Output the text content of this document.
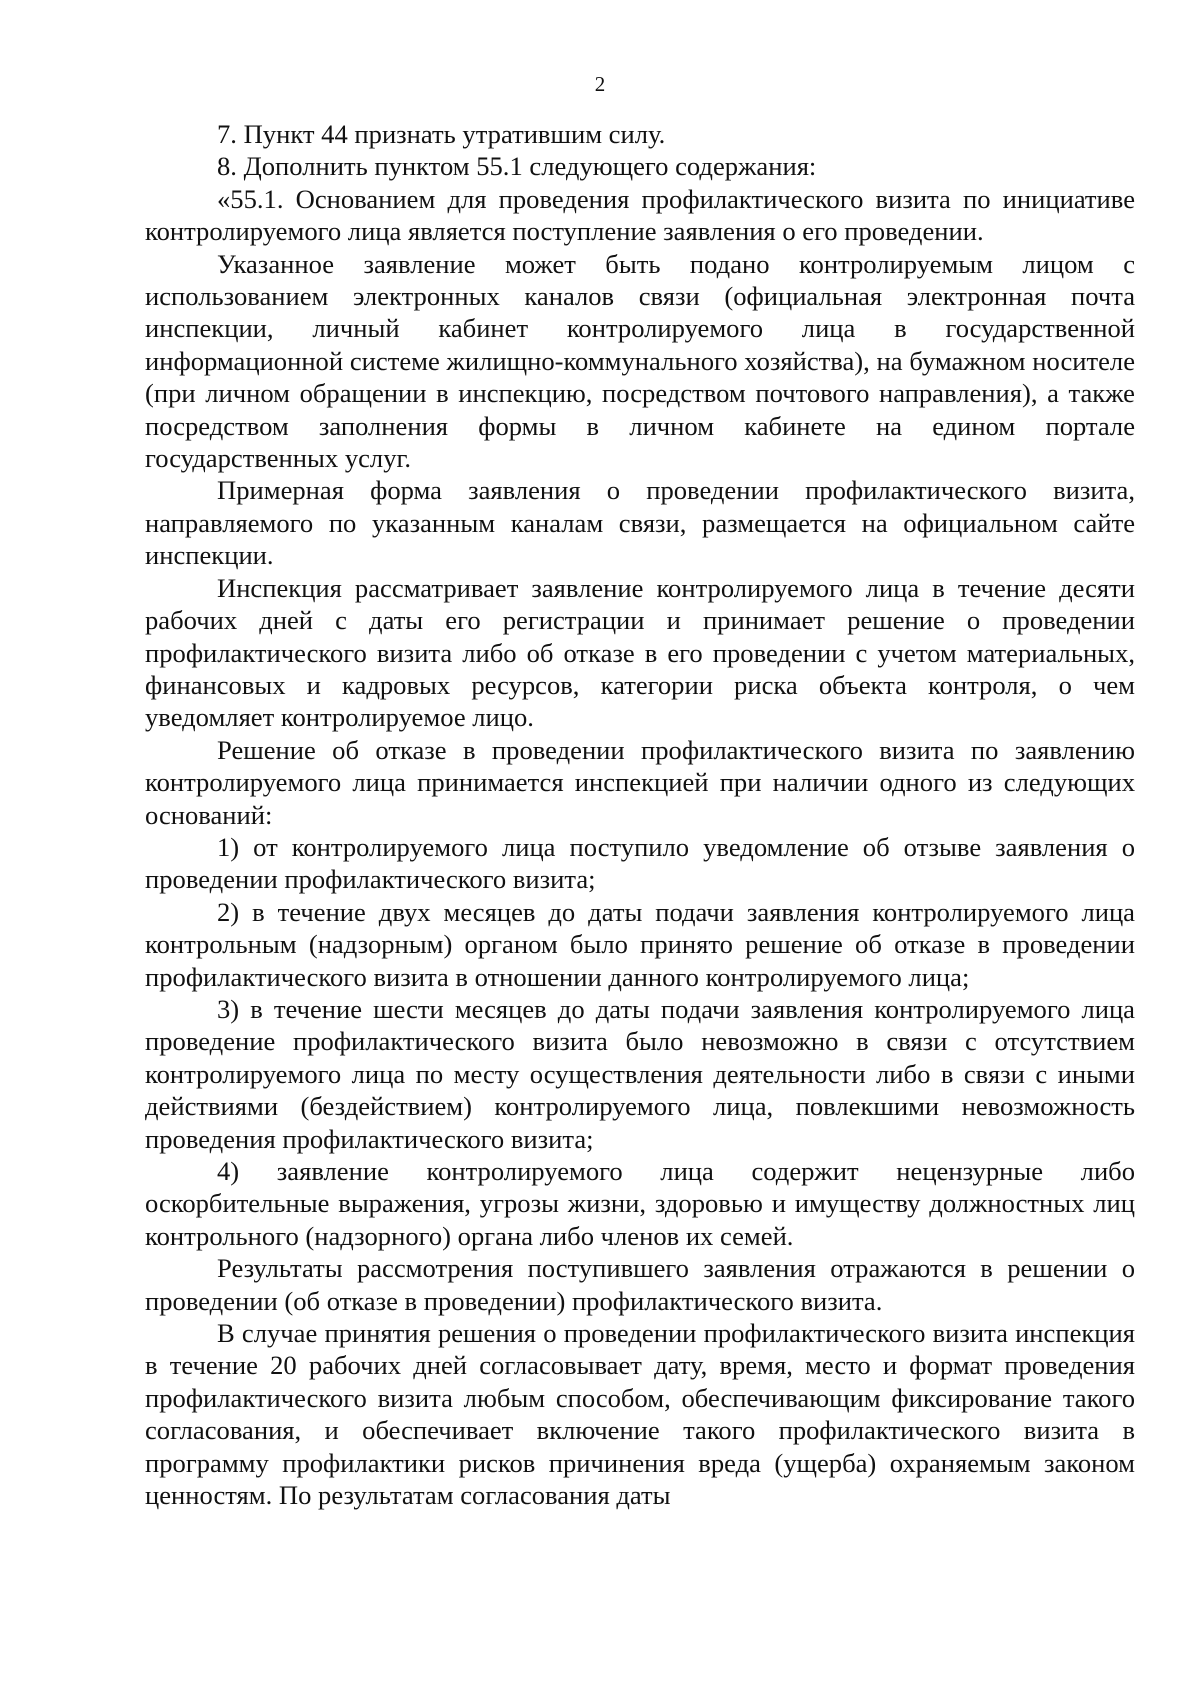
2

7. Пункт 44 признать утратившим силу.

8. Дополнить пунктом 55.1 следующего содержания:

«55.1. Основанием для проведения профилактического визита по инициативе контролируемого лица является поступление заявления о его проведении.

Указанное заявление может быть подано контролируемым лицом с использованием электронных каналов связи (официальная электронная почта инспекции, личный кабинет контролируемого лица в государственной информационной системе жилищно-коммунального хозяйства), на бумажном носителе (при личном обращении в инспекцию, посредством почтового направления), а также посредством заполнения формы в личном кабинете на едином портале государственных услуг.

Примерная форма заявления о проведении профилактического визита, направляемого по указанным каналам связи, размещается на официальном сайте инспекции.

Инспекция рассматривает заявление контролируемого лица в течение десяти рабочих дней с даты его регистрации и принимает решение о проведении профилактического визита либо об отказе в его проведении с учетом материальных, финансовых и кадровых ресурсов, категории риска объекта контроля, о чем уведомляет контролируемое лицо.

Решение об отказе в проведении профилактического визита по заявлению контролируемого лица принимается инспекцией при наличии одного из следующих оснований:

1) от контролируемого лица поступило уведомление об отзыве заявления о проведении профилактического визита;

2) в течение двух месяцев до даты подачи заявления контролируемого лица контрольным (надзорным) органом было принято решение об отказе в проведении профилактического визита в отношении данного контролируемого лица;

3) в течение шести месяцев до даты подачи заявления контролируемого лица проведение профилактического визита было невозможно в связи с отсутствием контролируемого лица по месту осуществления деятельности либо в связи с иными действиями (бездействием) контролируемого лица, повлекшими невозможность проведения профилактического визита;

4) заявление контролируемого лица содержит нецензурные либо оскорбительные выражения, угрозы жизни, здоровью и имуществу должностных лиц контрольного (надзорного) органа либо членов их семей.

Результаты рассмотрения поступившего заявления отражаются в решении о проведении (об отказе в проведении) профилактического визита.

В случае принятия решения о проведении профилактического визита инспекция в течение 20 рабочих дней согласовывает дату, время, место и формат проведения профилактического визита любым способом, обеспечивающим фиксирование такого согласования, и обеспечивает включение такого профилактического визита в программу профилактики рисков причинения вреда (ущерба) охраняемым законом ценностям. По результатам согласования даты
